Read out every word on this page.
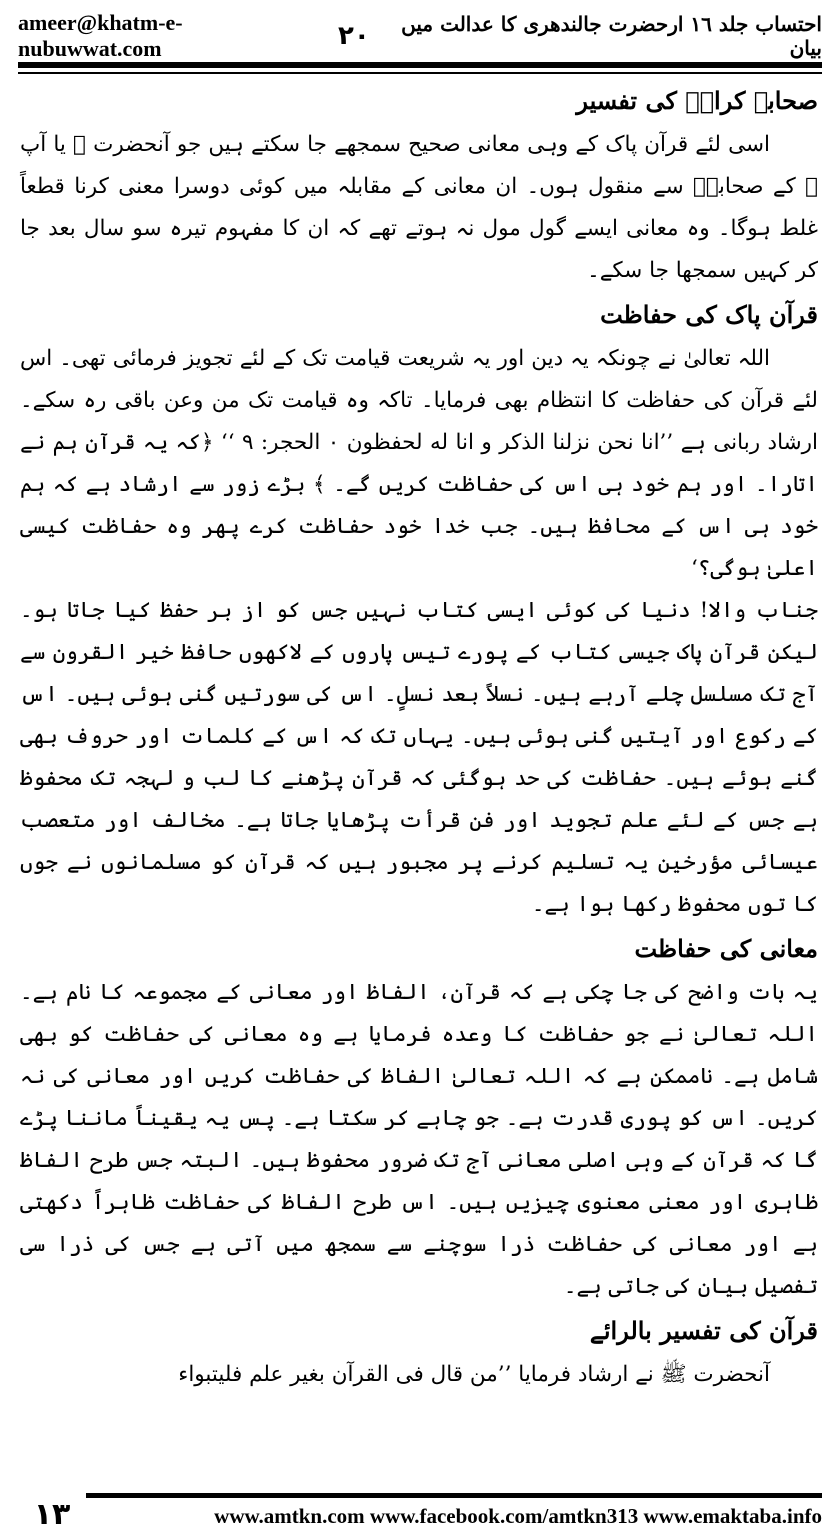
ameer@khatm-e-nubuwwat.com	٢٠	احتساب جلد ١٦ ارحضرت جالندھری کا عدالت میں بیان
صحابہ کرامؓ کی تفسیر

اسی لئے قرآن پاک کے وہی معانی صحیح سمجھے جا سکتے ہیں جو آنحضرت ﷺ یا آپ ﷺ کے صحابہؓ سے منقول ہوں۔ ان معانی کے مقابلہ میں کوئی دوسرا معنی کرنا قطعاً غلط ہوگا۔ وہ معانی ایسے گول مول نہ ہوتے تھے کہ ان کا مفہوم تیرہ سو سال بعد جا کر کہیں سمجھا جا سکے۔

قرآن پاک کی حفاظت

اللہ تعالیٰ نے چونکہ یہ دین اور یہ شریعت قیامت تک کے لئے تجویز فرمائی تھی۔ اس لئے قرآن کی حفاظت کا انتظام بھی فرمایا۔ تاکہ وہ قیامت تک من وعن باقی رہ سکے۔ ارشاد ربانی ہے ’’انا نحن نزلنا الذکر و انا له لحفظون ۰ الحجر: ۹ ‘‘ ﴿کہ یہ قرآن ہم نے اتارا۔ اور ہم خود ہی اس کی حفاظت کریں گے۔ ﴾ بڑے زور سے ارشاد ہے کہ ہم خود ہی اس کے محافظ ہیں۔ جب خدا خود حفاظت کرے پھر وہ حفاظت کیسی اعلیٰ ہوگی؟‘

جناب والا! دنیا کی کوئی ایسی کتاب نہیں جس کو از بر حفظ کیا جاتا ہو۔ لیکن قرآن پاک جیسی کتاب کے پورے تیس پاروں کے لاکھوں حافظ خیر القرون سے آج تک مسلسل چلے آرہے ہیں۔ نسلاً بعد نسلٍ۔ اس کی سورتیں گنی ہوئی ہیں۔ اس کے رکوع اور آیتیں گنی ہوئی ہیں۔ یہاں تک کہ اس کے کلمات اور حروف بھی گنے ہوئے ہیں۔ حفاظت کی حد ہوگئی کہ قرآن پڑھنے کا لب و لہجہ تک محفوظ ہے جس کے لئے علم تجوید اور فن قرأت پڑھایا جاتا ہے۔ مخالف اور متعصب عیسائی مؤرخین یہ تسلیم کرنے پر مجبور ہیں کہ قرآن کو مسلمانوں نے جوں کا توں محفوظ رکھا ہوا ہے۔

معانی کی حفاظت

یہ بات واضح کی جا چکی ہے کہ قرآن، الفاظ اور معانی کے مجموعہ کا نام ہے۔ اللہ تعالیٰ نے جو حفاظت کا وعدہ فرمایا ہے وہ معانی کی حفاظت کو بھی شامل ہے۔ ناممکن ہے کہ اللہ تعالیٰ الفاظ کی حفاظت کریں اور معانی کی نہ کریں۔ اس کو پوری قدرت ہے۔ جو چاہے کر سکتا ہے۔ پس یہ یقیناً ماننا پڑے گا کہ قرآن کے وہی اصلی معانی آج تک ضرور محفوظ ہیں۔ البتہ جس طرح الفاظ ظاہری اور معنی معنوی چیزیں ہیں۔ اس طرح الفاظ کی حفاظت ظاہراً دکھتی ہے اور معانی کی حفاظت ذرا سوچنے سے سمجھ میں آتی ہے جس کی ذرا سی تفصیل بیان کی جاتی ہے۔

قرآن کی تفسیر بالرائے

آنحضرت ﷺ نے ارشاد فرمایا ’’من قال فی القرآن بغیر علم فلیتبواء

١٣	www.amtkn.com www.facebook.com/amtkn313 www.emaktaba.info
